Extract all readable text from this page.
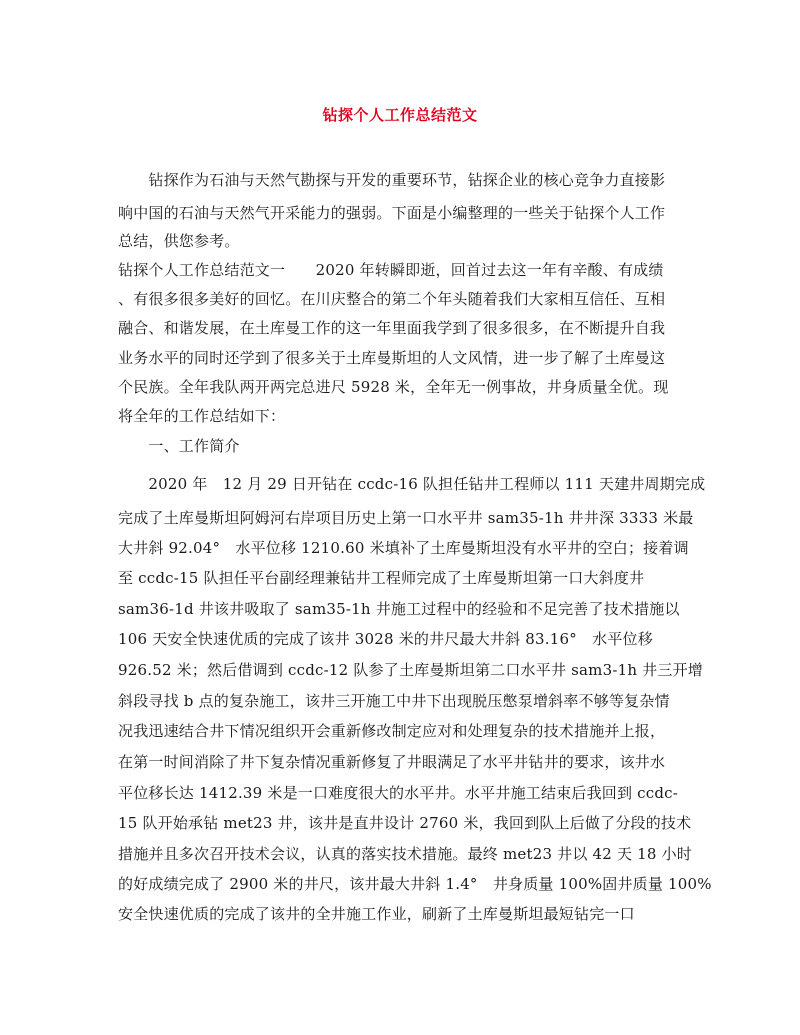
钻探个人工作总结范文
　　钻探作为石油与天然气勘探与开发的重要环节，钻探企业的核心竞争力直接影
响中国的石油与天然气开采能力的强弱。下面是小编整理的一些关于钻探个人工作
总结，供您参考。
钻探个人工作总结范文一　　2020 年转瞬即逝，回首过去这一年有辛酸、有成绩
、有很多很多美好的回忆。在川庆整合的第二个年头随着我们大家相互信任、互相
融合、和谐发展，在土库曼工作的这一年里面我学到了很多很多，在不断提升自我
业务水平的同时还学到了很多关于土库曼斯坦的人文风情，进一步了解了土库曼这
个民族。全年我队两开两完总进尺 5928 米，全年无一例事故，井身质量全优。现
将全年的工作总结如下：
　　一、工作简介
　　2020 年　12 月 29 日开钻在 ccdc-16 队担任钻井工程师以 111 天建井周期完成
完成了土库曼斯坦阿姆河右岸项目历史上第一口水平井 sam35-1h 井井深 3333 米最
大井斜 92.04°　水平位移 1210.60 米填补了土库曼斯坦没有水平井的空白；接着调
至 ccdc-15 队担任平台副经理兼钻井工程师完成了土库曼斯坦第一口大斜度井
sam36-1d 井该井吸取了 sam35-1h 井施工过程中的经验和不足完善了技术措施以
106 天安全快速优质的完成了该井 3028 米的井尺最大井斜 83.16°　水平位移
926.52 米；然后借调到 ccdc-12 队参了土库曼斯坦第二口水平井 sam3-1h 井三开增
斜段寻找 b 点的复杂施工，该井三开施工中井下出现脱压憋泵增斜率不够等复杂情
况我迅速结合井下情况组织开会重新修改制定应对和处理复杂的技术措施并上报，
在第一时间消除了井下复杂情况重新修复了井眼满足了水平井钻井的要求，该井水
平位移长达 1412.39 米是一口难度很大的水平井。水平井施工结束后我回到 ccdc-
15 队开始承钻 met23 井，该井是直井设计 2760 米，我回到队上后做了分段的技术
措施并且多次召开技术会议，认真的落实技术措施。最终 met23 井以 42 天 18 小时
的好成绩完成了 2900 米的井尺，该井最大井斜 1.4°　井身质量 100%固井质量 100%
安全快速优质的完成了该井的全井施工作业，刷新了土库曼斯坦最短钻完一口
